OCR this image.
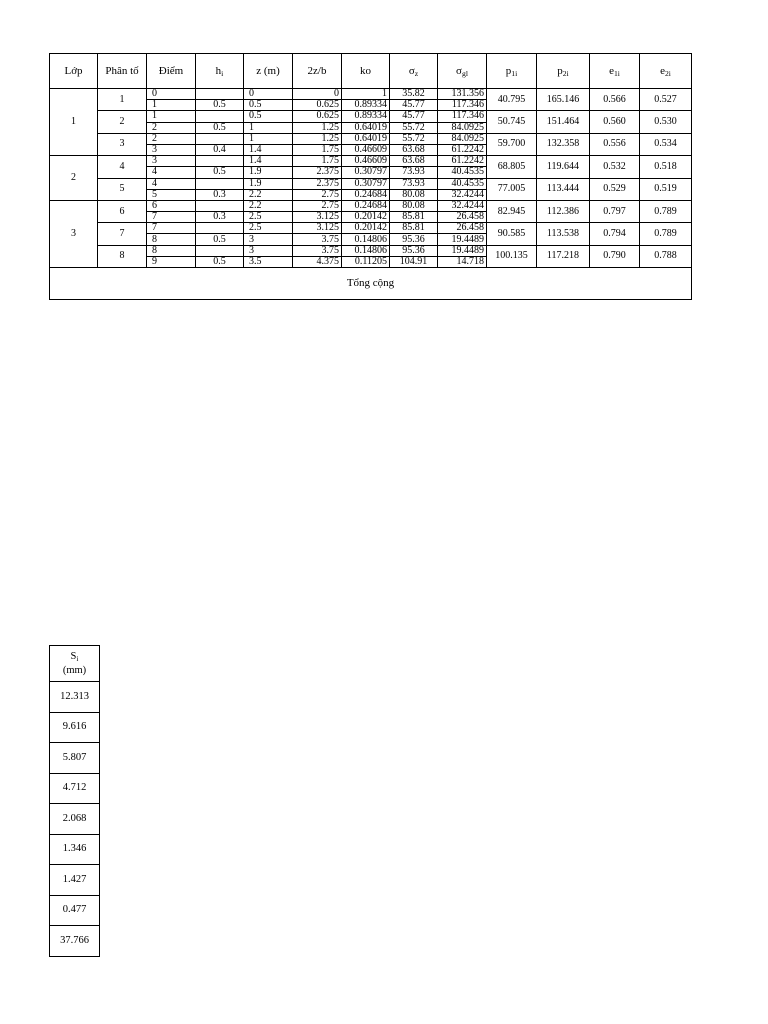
Lớp	Phân tố	Điểm	$h_i$	z (m)	2z/b	ko	$\sigma_z$	$\sigma_{gl}$	$p_{1i}$	$p_{2i}$	$e_{1i}$	$e_{2i}$
1	1	0		0	0	1	35.82	131.356	40.795	165.146	0.566	0.527
		1	0.5	0.5	0.625	0.89334	45.77	117.346				
	2	1		0.5	0.625	0.89334	45.77	117.346	50.745	151.464	0.560	0.530
		2	0.5	1	1.25	0.64019	55.72	84.0925				
	3	2		1	1.25	0.64019	55.72	84.0925	59.700	132.358	0.556	0.534
		3	0.4	1.4	1.75	0.46609	63.68	61.2242				
2	4	3		1.4	1.75	0.46609	63.68	61.2242	68.805	119.644	0.532	0.518
		4	0.5	1.9	2.375	0.30797	73.93	40.4535				
	5	4		1.9	2.375	0.30797	73.93	40.4535	77.005	113.444	0.529	0.519
		5	0.3	2.2	2.75	0.24684	80.08	32.4244				
3	6	6		2.2	2.75	0.24684	80.08	32.4244	82.945	112.386	0.797	0.789
		7	0.3	2.5	3.125	0.20142	85.81	26.458				
	7	7		2.5	3.125	0.20142	85.81	26.458	90.585	113.538	0.794	0.789
		8	0.5	3	3.75	0.14806	95.36	19.4489				
	8	8		3	3.75	0.14806	95.36	19.4489	100.135	117.218	0.790	0.788
		9	0.5	3.5	4.375	0.11205	104.91	14.718				
Tổng cộng												
$S_i$
(mm)
12.313
9.616
5.807
4.712
2.068
1.346
1.427
0.477
37.766
